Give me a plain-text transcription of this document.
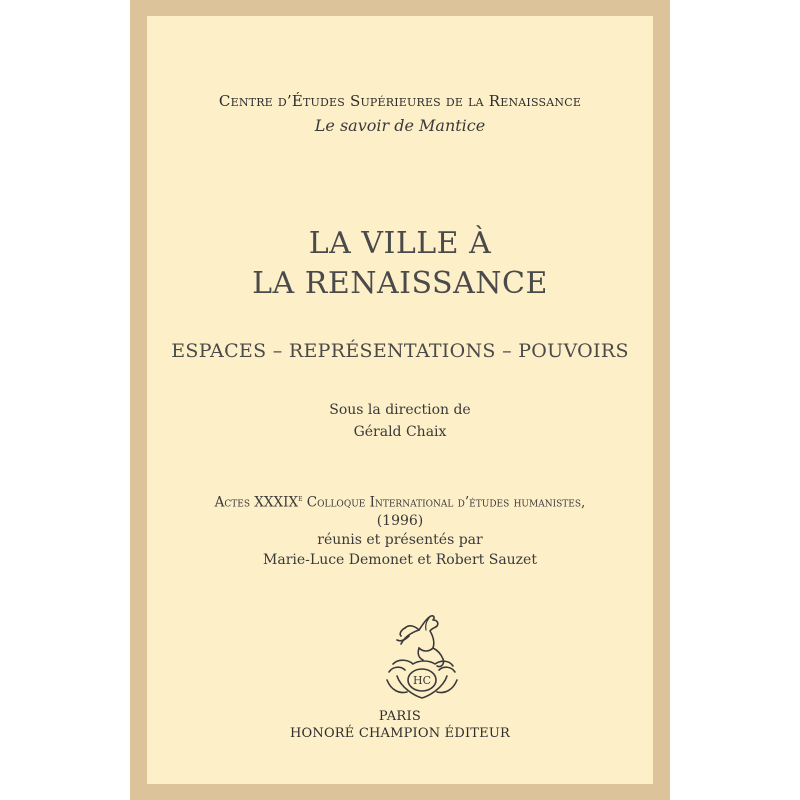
Centre d’Études Supérieures de la Renaissance

Le savoir de Mantice

LA VILLE À

LA RENAISSANCE

ESPACES – REPRÉSENTATIONS – POUVOIRS

Sous la direction de

Gérald Chaix

Actes XXXIXe Colloque International d’études humanistes,

(1996)

réunis et présentés par

Marie-Luce Demonet et Robert Sauzet

HC

PARIS

HONORÉ CHAMPION ÉDITEUR
